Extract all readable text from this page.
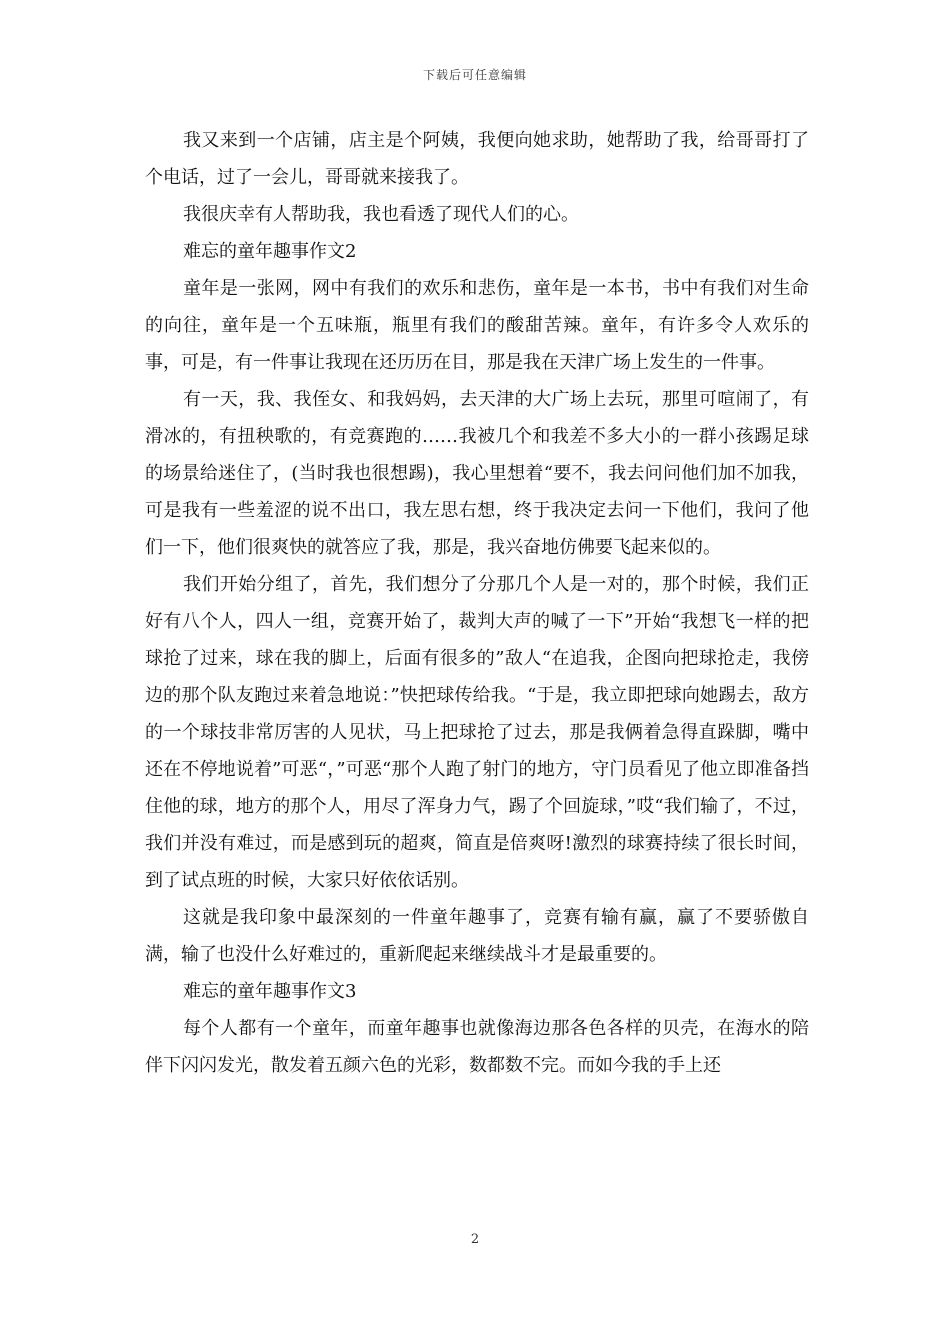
下载后可任意编辑

我又来到一个店铺，店主是个阿姨，我便向她求助，她帮助了我，给哥哥打了个电话，过了一会儿，哥哥就来接我了。

我很庆幸有人帮助我，我也看透了现代人们的心。

难忘的童年趣事作文2

童年是一张网，网中有我们的欢乐和悲伤，童年是一本书，书中有我们对生命的向往，童年是一个五味瓶，瓶里有我们的酸甜苦辣。童年，有许多令人欢乐的事，可是，有一件事让我现在还历历在目，那是我在天津广场上发生的一件事。

有一天，我、我侄女、和我妈妈，去天津的大广场上去玩，那里可喧闹了，有滑冰的，有扭秧歌的，有竞赛跑的……我被几个和我差不多大小的一群小孩踢足球的场景给迷住了，(当时我也很想踢)，我心里想着“要不，我去问问他们加不加我，可是我有一些羞涩的说不出口，我左思右想，终于我决定去问一下他们，我问了他们一下，他们很爽快的就答应了我，那是，我兴奋地仿佛要飞起来似的。

我们开始分组了，首先，我们想分了分那几个人是一对的，那个时候，我们正好有八个人，四人一组，竞赛开始了，裁判大声的喊了一下”开始“我想飞一样的把球抢了过来，球在我的脚上，后面有很多的”敌人“在追我，企图向把球抢走，我傍边的那个队友跑过来着急地说：”快把球传给我。“于是，我立即把球向她踢去，敌方的一个球技非常厉害的人见状，马上把球抢了过去，那是我俩着急得直跺脚，嘴中还在不停地说着”可恶“，”可恶“那个人跑了射门的地方，守门员看见了他立即准备挡住他的球，地方的那个人，用尽了浑身力气，踢了个回旋球，”哎“我们输了，不过，我们并没有难过，而是感到玩的超爽，简直是倍爽呀!激烈的球赛持续了很长时间，到了试点班的时候，大家只好依依话别。

这就是我印象中最深刻的一件童年趣事了，竞赛有输有赢，赢了不要骄傲自满，输了也没什么好难过的，重新爬起来继续战斗才是最重要的。

难忘的童年趣事作文3

每个人都有一个童年，而童年趣事也就像海边那各色各样的贝壳，在海水的陪伴下闪闪发光，散发着五颜六色的光彩，数都数不完。而如今我的手上还

2
